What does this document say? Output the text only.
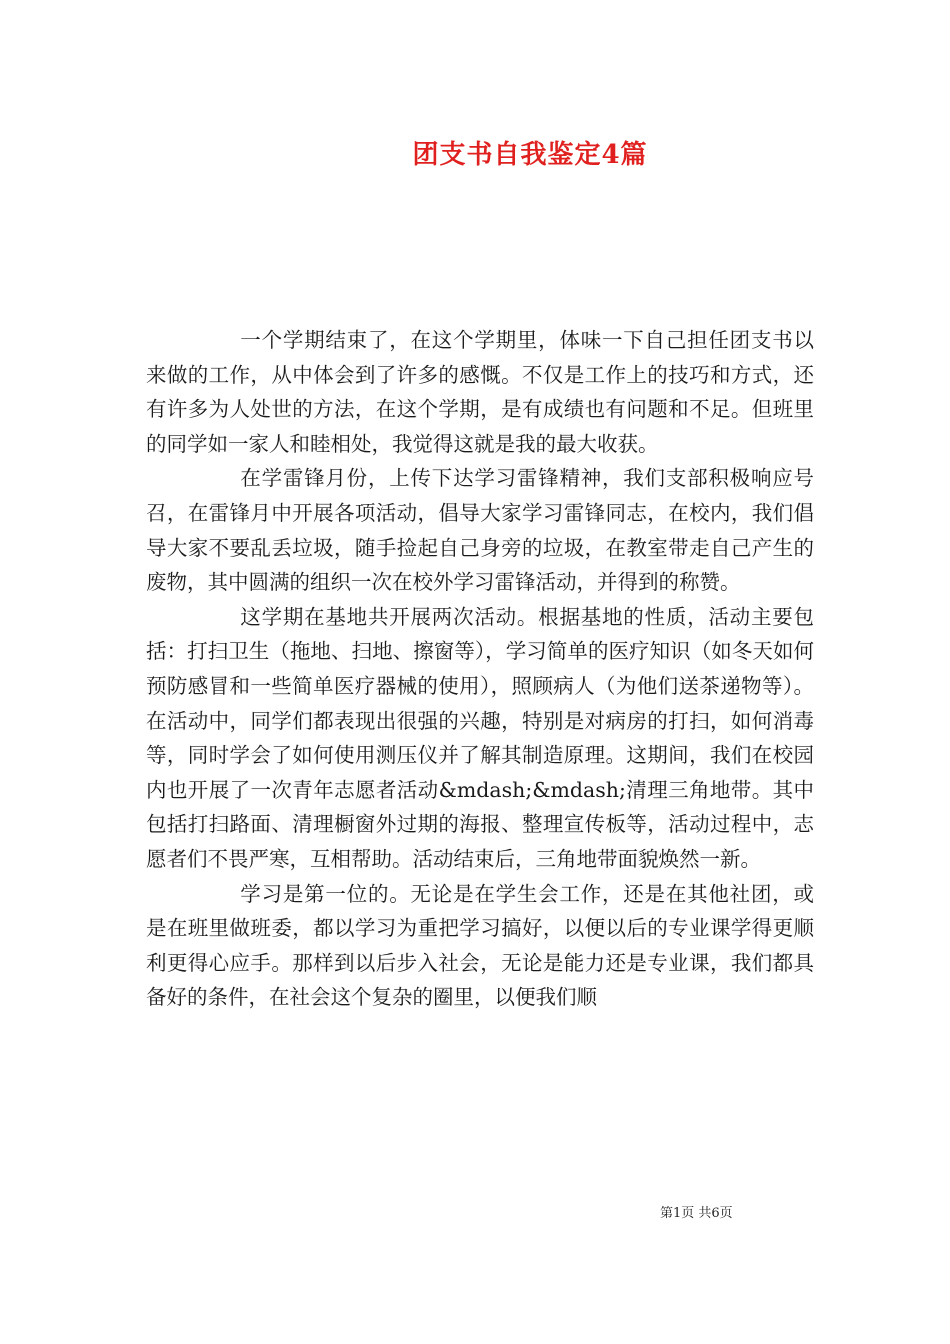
团支书自我鉴定4篇

一个学期结束了，在这个学期里，体味一下自己担任团支书以来做的工作，从中体会到了许多的感慨。不仅是工作上的技巧和方式，还有许多为人处世的方法，在这个学期，是有成绩也有问题和不足。但班里的同学如一家人和睦相处，我觉得这就是我的最大收获。

在学雷锋月份，上传下达学习雷锋精神，我们支部积极响应号召，在雷锋月中开展各项活动，倡导大家学习雷锋同志，在校内，我们倡导大家不要乱丢垃圾，随手捡起自己身旁的垃圾，在教室带走自己产生的废物，其中圆满的组织一次在校外学习雷锋活动，并得到的称赞。

这学期在基地共开展两次活动。根据基地的性质，活动主要包括：打扫卫生（拖地、扫地、擦窗等），学习简单的医疗知识（如冬天如何预防感冒和一些简单医疗器械的使用），照顾病人（为他们送茶递物等）。在活动中，同学们都表现出很强的兴趣，特别是对病房的打扫，如何消毒等，同时学会了如何使用测压仪并了解其制造原理。这期间，我们在校园内也开展了一次青年志愿者活动&mdash;&mdash;清理三角地带。其中包括打扫路面、清理橱窗外过期的海报、整理宣传板等，活动过程中，志愿者们不畏严寒，互相帮助。活动结束后，三角地带面貌焕然一新。

学习是第一位的。无论是在学生会工作，还是在其他社团，或是在班里做班委，都以学习为重把学习搞好，以便以后的专业课学得更顺利更得心应手。那样到以后步入社会，无论是能力还是专业课，我们都具备好的条件，在社会这个复杂的圈里，以便我们顺

第1页 共6页
